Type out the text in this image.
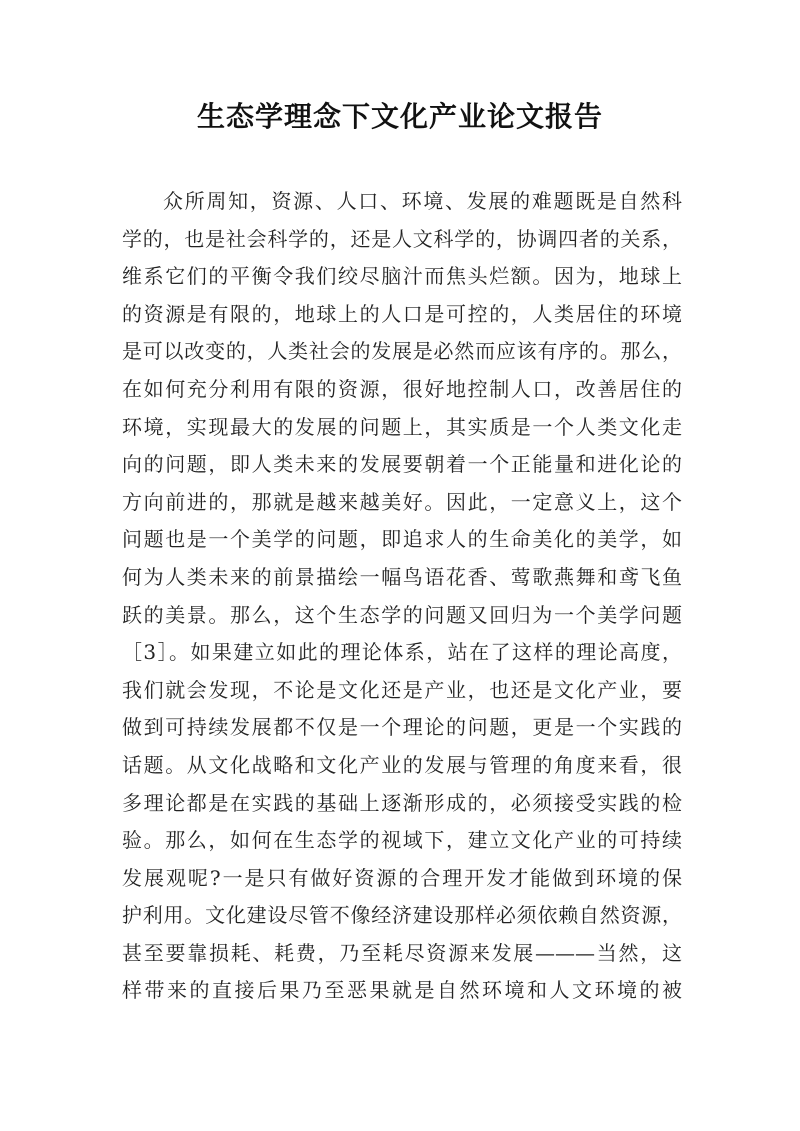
生态学理念下文化产业论文报告
众所周知，资源、人口、环境、发展的难题既是自然科
学的，也是社会科学的，还是人文科学的，协调四者的关系，
维系它们的平衡令我们绞尽脑汁而焦头烂额。因为，地球上
的资源是有限的，地球上的人口是可控的，人类居住的环境
是可以改变的，人类社会的发展是必然而应该有序的。那么，
在如何充分利用有限的资源，很好地控制人口，改善居住的
环境，实现最大的发展的问题上，其实质是一个人类文化走
向的问题，即人类未来的发展要朝着一个正能量和进化论的
方向前进的，那就是越来越美好。因此，一定意义上，这个
问题也是一个美学的问题，即追求人的生命美化的美学，如
何为人类未来的前景描绘一幅鸟语花香、莺歌燕舞和鸢飞鱼
跃的美景。那么，这个生态学的问题又回归为一个美学问题
［3］。如果建立如此的理论体系，站在了这样的理论高度，
我们就会发现，不论是文化还是产业，也还是文化产业，要
做到可持续发展都不仅是一个理论的问题，更是一个实践的
话题。从文化战略和文化产业的发展与管理的角度来看，很
多理论都是在实践的基础上逐渐形成的，必须接受实践的检
验。那么，如何在生态学的视域下，建立文化产业的可持续
发展观呢?一是只有做好资源的合理开发才能做到环境的保
护利用。文化建设尽管不像经济建设那样必须依赖自然资源，
甚至要靠损耗、耗费，乃至耗尽资源来发展———当然，这
样带来的直接后果乃至恶果就是自然环境和人文环境的被
